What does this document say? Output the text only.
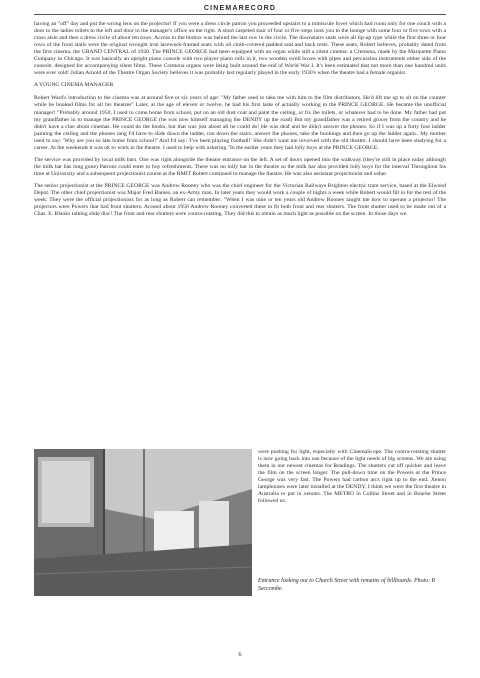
CINEMARECORD

having an "off" day and put the wrong lens on the projector! If you were a dress circle patron you proceeded upstairs to a miniscule foyer which had room only for one couch with a door to the ladies toilets to the left and door to the manager's office on the right. A short carpeted stair of four or five steps took you to the lounge with some four or five rows with a cross aisle and then a dress circle of about ten rows. Access to the biobox was behind the last row in the circle. The downstairs seats were all tip-up type while the first three or four rows of the front stalls were the original wrought iron lacework-framed seats with oil cloth-covered padded seat and back rests. These seats, Robert believes, probably dated from the first cinema, the GRAND CENTRAL of 1920. The PRINCE GEORGE had been equipped with an organ while still a silent cinema: a Cremona, made by the Marquette Piano Company in Chicago. It was basically an upright piano console with two player piano rolls in it, two wooden swell boxes with pipes and percussion instruments either side of the console, designed for accompanying silent films. These Cremona organs were being built around the end of World War I. It's been estimated that not more than one hundred units were ever sold! Julian Arnold of the Theatre Organ Society believes it was probably last regularly played in the early 1930's when the theatre had a female organist.

A YOUNG CINEMA MANAGER

Robert Ward's introduction to the cinema was at around five or six years of age: "My father used to take me with him to the film distributors. He'd lift me up to sit on the counter while he booked films for all his theatres" Later, at the age of eleven or twelve, he had his first taste of actually working in the PRINCE GEORGE. He became the unofficial manager! "Probably around 1950, I used to come home from school, put on an old dust coat and paint the ceiling, or fix the toilets, or whatever had to be done. My father had put my grandfather in to manage the PRINCE GEORGE (he was now himself managing the DENDY up the road) But my grandfather was a retired grocer from the country and he didn't have a clue about cinemas. He could do the books, but that was just about all he could do! He was deaf and he didn't answer the phones. So if I was up a forty foot ladder painting the ceiling and the phones rang I'd have to slide down the ladder, run down the stairs, answer the phones, take the bookings and then go up the ladder again.. My mother used to say: 'Why are you so late home from school?' And I'd say: 'I've been playing football!' She didn't want me involved with the old theatre. I should have been studying for a career. At the weekends it was ok to work in the theatre. I used to help with ushering."In the earlier years they had lolly boys at the PRINCE GEORGE.

The service was provided by local milk bars. One was right alongside the theatre entrance on the left. A set of doors opened into the walkway (they're still in place today although the milk bar has long gone) Patrons could enter to buy refreshments. There was no lolly bar in the theatre so the milk bar also provided lolly boys for the interval Throughout his time at University and a subsequent projectionist course at the RMIT Robert continued to manage the theatre. He was also assistant projectionist and usher.

The senior projectionist at the PRINCE GEORGE was Andrew Rooney who was the chief engineer for the Victorian Railways Brighton electric tram service, based at the Elwood Depot. The other chief projectionist was Major Fred Baines, an ex-Army man. In later years they would work a couple of nights a week while Robert would fill in for the rest of the week. They were the official projectionists for as long as Robert can remember: "When I was nine or ten years old Andrew Rooney taught me how to operate a projector! The projectors were Powers that had front shutters. Around about 1956 Andrew Rooney converted these to fit both front and rear shutters. The front shutter used to be made out of a Chas. E. Blanks talking slide disc! The front and rear shutters were contra-rotating. They did this to obtain as much light as possible on the screen. In those days we

were pushing for light, especially with CinemaScope. The contra-rotating shutter is now going back into use because of the light needs of big screens. We are using them in our newest cinemas for Readings. The shutters cut off quicker and leave the film on the screen longer. The pull-down time on the Powers at the Prince George was very fast. The Powers had carbon arcs right up to the end. Xenon lamphouses were later installed at the DENDY. I think we were the first theatre in Australia to put in xenons. The METRO in Collins Street and in Bourke Street followed us.
Entrance looking out to Church Street with remains of billboards. Photo: R Seccombe.
6
